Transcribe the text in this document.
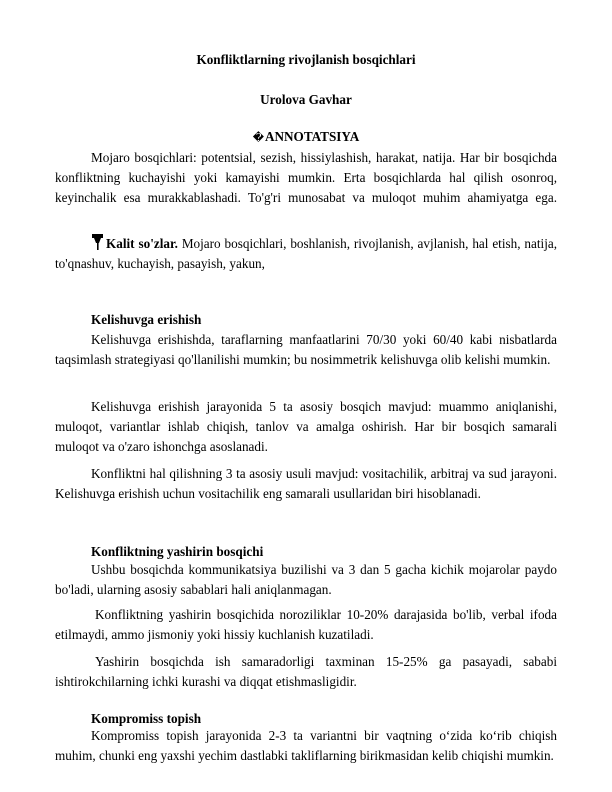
Konfliktlarning rivojlanish bosqichlari
Urolova Gavhar
�ANNOTATSIYA
Mojaro bosqichlari: potentsial, sezish, hissiylashish, harakat, natija. Har bir bosqichda konfliktning kuchayishi yoki kamayishi mumkin. Erta bosqichlarda hal qilish osonroq, keyinchalik esa murakkablashadi. To'g'ri munosabat va muloqot muhim ahamiyatga ega.
Kalit so'zlar. Mojaro bosqichlari, boshlanish, rivojlanish, avjlanish, hal etish, natija, to'qnashuv, kuchayish, pasayish, yakun,
Kelishuvga erishish
Kelishuvga erishishda, taraflarning manfaatlarini 70/30 yoki 60/40 kabi nisbatlarda taqsimlash strategiyasi qo'llanilishi mumkin; bu nosimmetrik kelishuvga olib kelishi mumkin.
Kelishuvga erishish jarayonida 5 ta asosiy bosqich mavjud: muammo aniqlanishi, muloqot, variantlar ishlab chiqish, tanlov va amalga oshirish. Har bir bosqich samarali muloqot va o'zaro ishonchga asoslanadi.
Konfliktni hal qilishning 3 ta asosiy usuli mavjud: vositachilik, arbitraj va sud jarayoni. Kelishuvga erishish uchun vositachilik eng samarali usullaridan biri hisoblanadi.
Konfliktning yashirin bosqichi
Ushbu bosqichda kommunikatsiya buzilishi va 3 dan 5 gacha kichik mojarolar paydo bo'ladi, ularning asosiy sabablari hali aniqlanmagan.
Konfliktning yashirin bosqichida noroziliklar 10-20% darajasida bo'lib, verbal ifoda etilmaydi, ammo jismoniy yoki hissiy kuchlanish kuzatiladi.
Yashirin bosqichda ish samaradorligi taxminan 15-25% ga pasayadi, sababi ishtirokchilarning ichki kurashi va diqqat etishmasligidir.
Kompromiss topish
Kompromiss topish jarayonida 2-3 ta variantni bir vaqtning o‘zida ko‘rib chiqish muhim, chunki eng yaxshi yechim dastlabki takliflarning birikmasidan kelib chiqishi mumkin.
